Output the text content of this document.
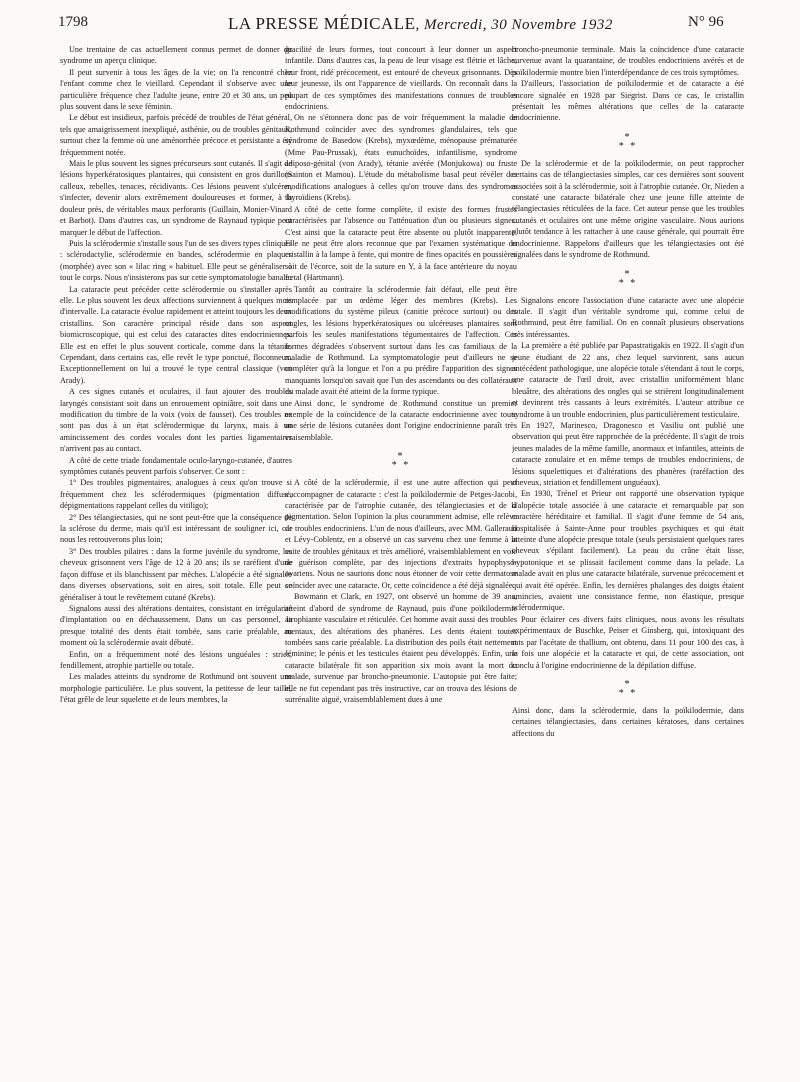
1798	LA PRESSE MÉDICALE, Mercredi, 30 Novembre 1932	N° 96

Une trentaine de cas actuellement connus permet de donner du syndrome un aperçu clinique.

Il peut survenir à tous les âges de la vie; on l'a rencontré chez l'enfant comme chez le vieillard. Cependant il s'observe avec une particulière fréquence chez l'adulte jeune, entre 20 et 30 ans, un peu plus souvent dans le sexe féminin.

Le début est insidieux, parfois précédé de troubles de l'état général, tels que amaigrissement inexpliqué, asthénie, ou de troubles génitaux, surtout chez la femme où une aménorrhée précoce et persistante a été fréquemment notée.

Mais le plus souvent les signes précurseurs sont cutanés. Il s'agit de lésions hyperkératosiques plantaires, qui consistent en gros durillons calleux, rebelles, tenaces, récidivants. Ces lésions peuvent s'ulcérer, s'infecter, devenir alors extrêmement douloureuses et former, à la douleur près, de véritables maux perforants (Guillain, Monier-Vinard et Barbot). Dans d'autres cas, un syndrome de Raynaud typique peut marquer le début de l'affection.

Puis la sclérodermie s'installe sous l'un de ses divers types cliniques : sclérodactylie, sclérodermie en bandes, sclérodermie en plaques (morphée) avec son « lilac ring » habituel. Elle peut se généraliser à tout le corps. Nous n'insisterons pas sur cette symptomatologie banale.

La cataracte peut précéder cette sclérodermie ou s'installer après elle. Le plus souvent les deux affections surviennent à quelques mois d'intervalle. La cataracte évolue rapidement et atteint toujours les deux cristallins. Son caractère principal réside dans son aspect biomicroscopique, qui est celui des cataractes dites endocriniennes. Elle est en effet le plus souvent corticale, comme dans la tétanie. Cependant, dans certains cas, elle revêt le type ponctué, floconneux. Exceptionnellement on lui a trouvé le type central classique (von Arady).

A ces signes cutanés et oculaires, il faut ajouter des troubles laryngés consistant soit dans un enrouement opiniâtre, soit dans une modification du timbre de la voix (voix de fausset). Ces troubles ne sont pas dus à un état sclérodermique du larynx, mais à un amincissement des cordes vocales dont les parties ligamentaires n'arrivent pas au contact.

A côté de cette triade fondamentale oculo-laryngo-cutanée, d'autres symptômes cutanés peuvent parfois s'observer. Ce sont :

1° Des troubles pigmentaires, analogues à ceux qu'on trouve si fréquemment chez les sclérodermiques (pigmentation diffuse, dépigmentations rappelant celles du vitiligo);

2° Des télangiectasies, qui ne sont peut-être que la conséquence de la sclérose du derme, mais qu'il est intéressant de souligner ici, car nous les retrouverons plus loin;

3° Des troubles pilaires : dans la forme juvénile du syndrome, les cheveux grisonnent vers l'âge de 12 à 20 ans; ils se raréfient d'une façon diffuse et ils blanchissent par mèches. L'alopécie a été signalée dans diverses observations, soit en aires, soit totale. Elle peut se généraliser à tout le revêtement cutané (Krebs).

Signalons aussi des altérations dentaires, consistant en irrégularité d'implantation ou en déchaussement. Dans un cas personnel, la presque totalité des dents était tombée, sans carie préalable, au moment où la sclérodermie avait débuté.

Enfin, on a fréquemment noté des lésions unguéales : stries, fendillement, atrophie partielle ou totale.

Les malades atteints du syndrome de Rothmund ont souvent une morphologie particulière. Le plus souvent, la petitesse de leur taille, l'état grêle de leur squelette et de leurs membres, la

gracilité de leurs formes, tout concourt à leur donner un aspect infantile. Dans d'autres cas, la peau de leur visage est flétrie et lâche; leur front, ridé précocement, est entouré de cheveux grisonnants. Dès leur jeunesse, ils ont l'apparence de vieillards. On reconnaît dans la plupart de ces symptômes des manifestations connues de troubles endocriniens.

On ne s'étonnera donc pas de voir fréquemment la maladie de Rothmund coïncider avec des syndromes glandulaires, tels que syndrome de Basedow (Krebs), myxœdème, ménopause prématurée (Mme Pau-Prussak), états eunuchoïdes, infantilisme, syndrome adiposo-génital (von Arady), tétanie avérée (Monjukowa) ou fruste (Sainton et Mamou). L'étude du métabolisme basal peut révéler des modifications analogues à celles qu'on trouve dans des syndromes thyroïdiens (Krebs).

A côté de cette forme complète, il existe des formes frustes caractérisées par l'absence ou l'atténuation d'un ou plusieurs signes. C'est ainsi que la cataracte peut être absente ou plutôt inapparente. Elle ne peut être alors reconnue que par l'examen systématique du cristallin à la lampe à fente, qui montre de fines opacités en poussières soit de l'écorce, soit de la suture en Y, à la face antérieure du noyau fœtal (Hartmann).

Tantôt au contraire la sclérodermie fait défaut, elle peut être remplacée par un œdème léger des membres (Krebs). Les modifications du système pileux (canitie précoce surtout) ou des ongles, les lésions hyperkératosiques ou ulcéreuses plantaires sont parfois les seules manifestations tégumentaires de l'affection. Ces formes dégradées s'observent surtout dans les cas familiaux de la maladie de Rothmund. La symptomatologie peut d'ailleurs ne se compléter qu'à la longue et l'on a pu prédire l'apparition des signes manquants lorsqu'on savait que l'un des ascendants ou des collatéraux du malade avait été atteint de la forme typique.

Ainsi donc, le syndrome de Rothmund constitue un premier exemple de la coïncidence de la cataracte endocrinienne avec toute une série de lésions cutanées dont l'origine endocrinienne paraît très vraisemblable.

*
* *

A côté de la sclérodermie, il est une autre affection qui peut s'accompagner de cataracte : c'est la poïkilodermie de Petges-Jacobi, caractérisée par de l'atrophie cutanée, des télangiectasies et de la pigmentation. Selon l'opinion la plus couramment admise, elle relève de troubles endocriniens. L'un de nous d'ailleurs, avec MM. Galleraud et Lévy-Coblentz, en a observé un cas survenu chez une femme à la suite de troubles génitaux et très amélioré, vraisemblablement en voie de guérison complète, par des injections d'extraits hypophyso-ovariens. Nous ne saurions donc nous étonner de voir cette dermatose coïncider avec une cataracte. Or, cette coïncidence a été déjà signalée.

Bowmann et Clark, en 1927, ont observé un homme de 39 ans, atteint d'abord de syndrome de Raynaud, puis d'une poïkilodermie atrophiante vasculaire et réticulée. Cet homme avait aussi des troubles mentaux, des altérations des phanères. Les dents étaient toutes tombées sans carie préalable. La distribution des poils était nettement féminine; le pénis et les testicules étaient peu développés. Enfin, une cataracte bilatérale fit son apparition six mois avant la mort du malade, survenue par broncho-pneumonie. L'autopsie put être faite; elle ne fut cependant pas très instructive, car on trouva des lésions de surrénalite aiguë, vraisemblablement dues à une

broncho-pneumonie terminale. Mais la coïncidence d'une cataracte survenue avant la quarantaine, de troubles endocriniens avérés et de poïkilodermie montre bien l'interdépendance de ces trois symptômes.

D'ailleurs, l'association de poïkilodermie et de cataracte a été encore signalée en 1928 par Siegrist. Dans ce cas, le cristallin présentait les mêmes altérations que celles de la cataracte endocrinienne.

*
* *

De la sclérodermie et de la poïkilodermie, on peut rapprocher certains cas de télangiectasies simples, car ces dernières sont souvent associées soit à la sclérodermie, soit à l'atrophie cutanée. Or, Nieden a constaté une cataracte bilatérale chez une jeune fille atteinte de télangiectasies réticulées de la face. Cet auteur pense que les troubles cutanés et oculaires ont une même origine vasculaire. Nous aurions plutôt tendance à les rattacher à une cause générale, qui pourrait être endocrinienne. Rappelons d'ailleurs que les télangiectasies ont été signalées dans le syndrome de Rothmund.

*
* *

Signalons encore l'association d'une cataracte avec une alopécie totale. Il s'agit d'un véritable syndrome qui, comme celui de Rothmund, peut être familial. On en connaît plusieurs observations très intéressantes.

La première a été publiée par Papastratigakis en 1922. Il s'agit d'un jeune étudiant de 22 ans, chez lequel survinrent, sans aucun antécédent pathologique, une alopécie totale s'étendant à tout le corps, une cataracte de l'œil droit, avec cristallin uniformément blanc bleuâtre, des altérations des ongles qui se strièrent longitudinalement et devinrent très cassants à leurs extrémités. L'auteur attribue ce syndrome à un trouble endocrinien, plus particulièrement testiculaire.

En 1927, Marinesco, Dragonesco et Vasiliu ont publié une observation qui peut être rapprochée de la précédente. Il s'agit de trois jeunes malades de la même famille, anormaux et infantiles, atteints de cataracte zonulaire et en même temps de troubles endocriniens, de lésions squelettiques et d'altérations des phanères (raréfaction des cheveux, striation et fendillement unguéaux).

En 1930, Trénel et Prieur ont rapporté une observation typique d'alopécie totale associée à une cataracte et remarquable par son caractère héréditaire et familial. Il s'agit d'une femme de 54 ans, hospitalisée à Sainte-Anne pour troubles psychiques et qui était atteinte d'une alopécie presque totale (seuls persistaient quelques rares cheveux s'épilant facilement). La peau du crâne était lisse, hypotonique et se plissait facilement comme dans la pelade. La malade avait en plus une cataracte bilatérale, survenue précocement et qui avait été opérée. Enfin, les dernières phalanges des doigts étaient amincies, avaient une consistance ferme, non élastique, presque sclérodermique.

Pour éclairer ces divers faits cliniques, nous avons les résultats expérimentaux de Buschke, Peiser et Ginsberg, qui, intoxiquant des rats par l'acétate de thallium, ont obtenu, dans 11 pour 100 des cas, à la fois une alopécie et la cataracte et qui, de cette association, ont conclu à l'origine endocrinienne de la dépilation diffuse.

*
* *

Ainsi donc, dans la sclérodermie, dans la poïkilodermie, dans certaines télangiectasies, dans certaines kératoses, dans certaines affections du
